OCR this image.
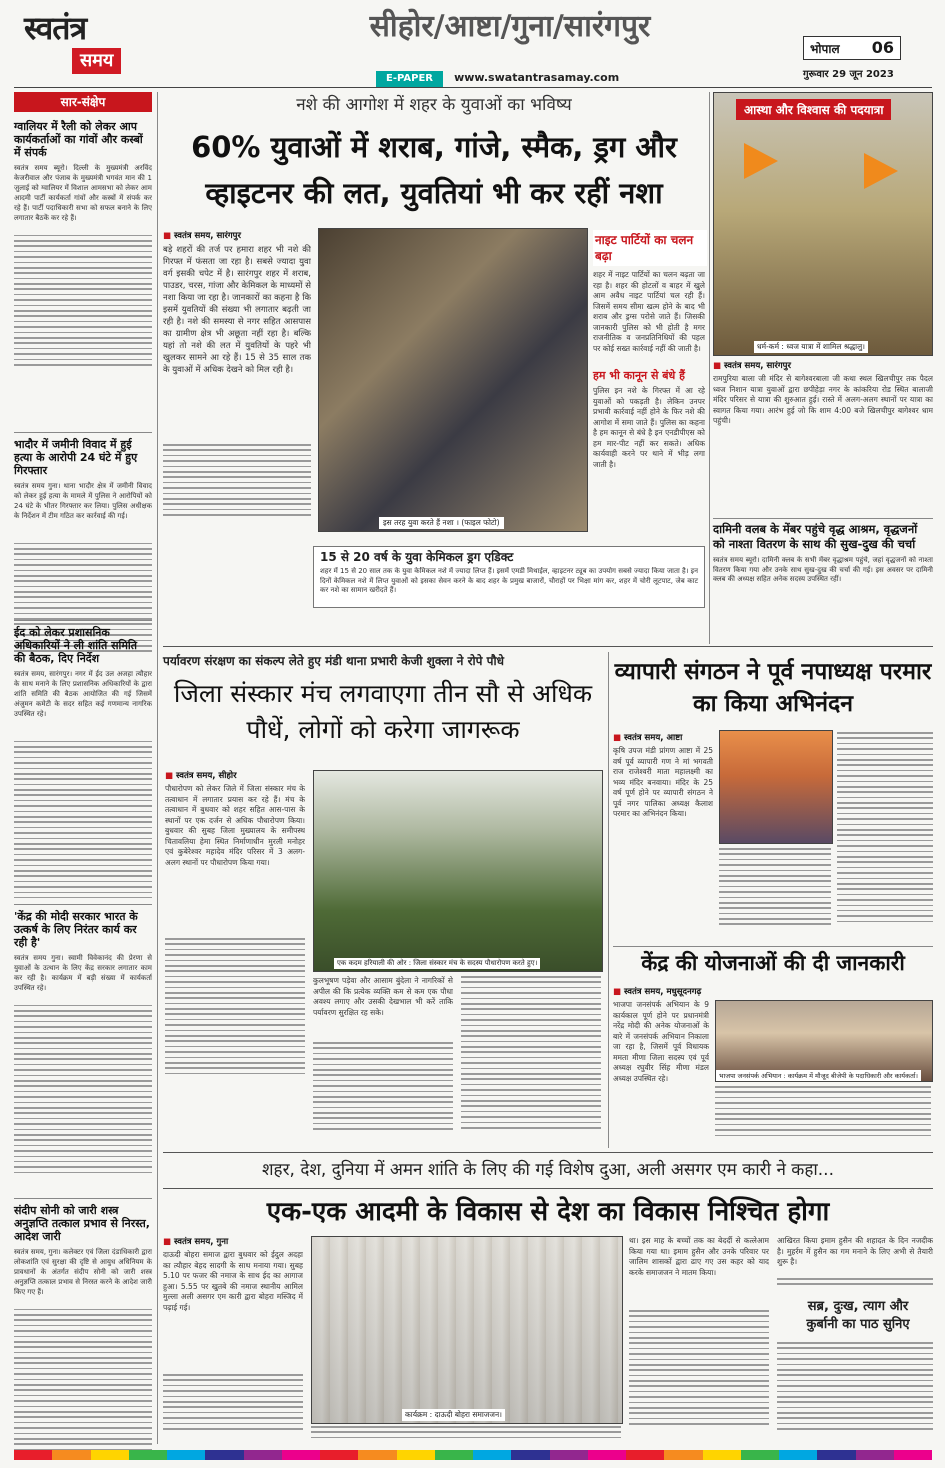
स्वतंत्र
समय
सीहोर/आष्टा/गुना/सारंगपुर
E-PAPER www.swatantrasamay.com
भोपाल 06
गुरूवार 29 जून 2023
सार-संक्षेप
ग्वालियर में रैली को लेकर आप कार्यकर्ताओं का गांवों और कस्बों में संपर्क
स्वतंत्र समय ब्यूरो। दिल्ली के मुख्यमंत्री अरविंद केजरीवाल और पंजाब के मुख्यमंत्री भगवंत मान की 1 जुलाई को ग्वालियर में विशाल आमसभा को लेकर आम आदमी पार्टी कार्यकर्ता गांवों और कस्बों में संपर्क कर रहे हैं। पार्टी पदाधिकारी सभा को सफल बनाने के लिए लगातार बैठकें कर रहे हैं।
भादौर में जमीनी विवाद में हुई हत्या के आरोपी 24 घंटे में हुए गिरफ्तार
स्वतंत्र समय गुना। थाना भादौर क्षेत्र में जमीनी विवाद को लेकर हुई हत्या के मामले में पुलिस ने आरोपियों को 24 घंटे के भीतर गिरफ्तार कर लिया। पुलिस अधीक्षक के निर्देशन में टीम गठित कर कार्रवाई की गई।
ईद को लेकर प्रशासनिक अधिकारियों ने ली शांति समिति की बैठक, दिए निर्देश
स्वतंत्र समय, सारंगपुर। नगर में ईद उल अजहा त्यौहार के साथ मनाने के लिए प्रशासनिक अधिकारियों के द्वारा शांति समिति की बैठक आयोजित की गई जिसमें अंजुमन कमेटी के सदर सहित कई गणमान्य नागरिक उपस्थित रहे।
'केंद्र की मोदी सरकार भारत के उत्कर्ष के लिए निरंतर कार्य कर रही है'
स्वतंत्र समय गुना। स्वामी विवेकानंद की प्रेरणा से युवाओं के उत्थान के लिए केंद्र सरकार लगातार काम कर रही है। कार्यक्रम में बड़ी संख्या में कार्यकर्ता उपस्थित रहे।
संदीप सोनी को जारी शस्त्र अनुज्ञप्ति तत्काल प्रभाव से निरस्त, आदेश जारी
स्वतंत्र समय, गुना। कलेक्टर एवं जिला दंडाधिकारी द्वारा लोकशांति एवं सुरक्षा की दृष्टि से आयुध अधिनियम के प्रावधानों के अंतर्गत संदीप सोनी को जारी शस्त्र अनुज्ञप्ति तत्काल प्रभाव से निरस्त करने के आदेश जारी किए गए हैं।
नशे की आगोश में शहर के युवाओं का भविष्य
60% युवाओं में शराब, गांजे, स्मैक, ड्रग और व्हाइटनर की लत, युवतियां भी कर रहीं नशा
■ स्वतंत्र समय, सारंगपुर
बड़े शहरों की तर्ज पर हमारा शहर भी नशे की गिरफ्त में फंसता जा रहा है। सबसे ज्यादा युवा वर्ग इसकी चपेट में है। सारंगपुर शहर में शराब, पाउडर, चरस, गांजा और केमिकल के माध्यमों से नशा किया जा रहा है। जानकारों का कहना है कि इसमें युवतियों की संख्या भी लगातार बढ़ती जा रही है। नशे की समस्या से नगर सहित आसपास का ग्रामीण क्षेत्र भी अछूता नहीं रहा है। बल्कि यहां तो नशे की लत में युवतियों के पहरे भी खुलकर सामने आ रहे हैं। 15 से 35 साल तक के युवाओं में अधिक देखने को मिल रही है।
इस तरह युवा करते हैं नशा । (फाइल फोटो)
नाइट पार्टियों का चलन बढ़ा
शहर में नाइट पार्टियों का चलन बढ़ता जा रहा है। शहर की होटलों व बाहर में खुले आम अवैध नाइट पार्टियां चल रही हैं। जिसमें समय सीमा खत्म होने के बाद भी शराब और ड्रग्स परोसे जाते हैं। जिसकी जानकारी पुलिस को भी होती है मगर राजनीतिक व जनप्रतिनिधियों की पहल पर कोई सख्त कार्रवाई नहीं की जाती है।
हम भी कानून से बंधे हैं
पुलिस इन नशे के गिरफ्त में आ रहे युवाओं को पकड़ती है। लेकिन उनपर प्रभावी कार्रवाई नहीं होने के फिर नशे की आगोश में समा जाते हैं। पुलिस का कहना है हम कानून से बंधे है इन एनडीपीएस को हम मार-पीट नहीं कर सकते। अधिक कार्यवाही करने पर थाने में भीड़ लगा जाती है।
15 से 20 वर्ष के युवा केमिकल ड्रग एडिक्ट
शहर में 15 से 20 साल तक के युवा केमिकल नशे में ज्यादा लिप्त हैं। इसमें एमडी मिथाईल, व्हाइटनर ट्यूब का उपयोग सबसे ज्यादा किया जाता है। इन दिनों केमिकल नशे में लिप्त युवाओं को इसका सेवन करने के बाद शहर के प्रमुख बाजारों, चौराहों पर भिक्षा मांग कर, शहर में चोरी लूटपाट, जेब काट कर नशे का सामान खरीदते हैं।
आस्था और विश्वास की पदयात्रा
धर्म-कर्म : ध्वज यात्रा में शामिल श्रद्धालु।
■ स्वतंत्र समय, सारंगपुर
रामपुरिया बाला जी मंदिर से बागेश्वरबाला जी कथा स्थल खिलचीपुर तक पैदल ध्वज निशान यात्रा युवाओं द्वारा छपीहेड़ा नगर के कांकरिया रोड स्थित बालाजी मंदिर परिसर से यात्रा की शुरुआत हुई। रास्ते में अलग-अलग स्थानों पर यात्रा का स्वागत किया गया। आरंभ हुई जो कि शाम 4:00 बजे खिलचीपुर बागेश्वर धाम पहुंची।
दामिनी वलब के मेंबर पहुंचे वृद्ध आश्रम, वृद्धजनों को नाश्ता वितरण के साथ की सुख-दुख की चर्चा
स्वतंत्र समय ब्यूरो। दामिनी क्लब के सभी मेंबर वृद्धाश्रम पहुंचे, जहां वृद्धजनों को नाश्ता वितरण किया गया और उनके साथ सुख-दुख की चर्चा की गई। इस अवसर पर दामिनी क्लब की अध्यक्ष सहित अनेक सदस्य उपस्थित रहीं।
पर्यावरण संरक्षण का संकल्प लेते हुए मंडी थाना प्रभारी केजी शुक्ला ने रोपे पौधे
जिला संस्कार मंच लगवाएगा तीन सौ से अधिक पौधें, लोगों को करेगा जागरूक
■ स्वतंत्र समय, सीहोर
पौधारोपण को लेकर जिले में जिला संस्कार मंच के तत्वाधान में लगातार प्रयास कर रहे हैं। मंच के तत्वाधान में बुधवार को शहर सहित आस-पास के स्थानों पर एक दर्जन से अधिक पौधारोपण किया। बुधवार की सुबह जिला मुख्यालय के समीपस्थ चितावलिया हेमा स्थित निर्माणाधीन मुरली मनोहर एवं कुबेरेश्वर महादेव मंदिर परिसर में 3 अलग-अलग स्थानों पर पौधारोपण किया गया।
एक कदम हरियाली की ओर : जिला संस्कार मंच के सदस्य पौधारोपण करते हुए।
कुलभूषण पड़ेवा और आसाम बुंदेला ने नागरिकों से अपील की कि प्रत्येक व्यक्ति कम से कम एक पौधा अवश्य लगाए और उसकी देखभाल भी करें ताकि पर्यावरण सुरक्षित रह सके।
व्यापारी संगठन ने पूर्व नपाध्यक्ष परमार का किया अभिनंदन
■ स्वतंत्र समय, आष्टा
कृषि उपज मंडी प्रांगण आष्टा में 25 वर्ष पूर्व व्यापारी गण ने मां भगवती राज राजेश्वरी माता महालक्ष्मी का भव्य मंदिर बनवाया। मंदिर के 25 वर्ष पूर्ण होने पर व्यापारी संगठन ने पूर्व नगर पालिका अध्यक्ष कैलाश परमार का अभिनंदन किया।
केंद्र की योजनाओं की दी जानकारी
■ स्वतंत्र समय, मधुसूदनगढ़
भाजपा जनसंपर्क अभियान के 9 कार्यकाल पूर्ण होने पर प्रधानमंत्री नरेंद्र मोदी की अनेक योजनाओं के बारे में जनसंपर्क अभियान निकाला जा रहा है, जिसमें पूर्व विधायक ममता मीणा जिला सदस्य एवं पूर्व अध्यक्ष रघुवीर सिंह मीणा मंडल अध्यक्ष उपस्थित रहे।	भाजपा जनसंपर्क अभियान : कार्यक्रम में मौजूद बीजेपी के पदाधिकारी और कार्यकर्ता।
शहर, देश, दुनिया में अमन शांति के लिए की गई विशेष दुआ, अली असगर एम कारी ने कहा...
एक-एक आदमी के विकास से देश का विकास निश्चित होगा
■ स्वतंत्र समय, गुना
दाऊदी बोहरा समाज द्वारा बुधवार को ईदुल अदहा का त्यौहार बेहद सादगी के साथ मनाया गया। सुबह 5.10 पर फजर की नमाज के साथ ईद का आगाज हुआ। 5.55 पर खुतबे की नमाज स्थानीय आमिल मुल्ला अली असगर एम कारी द्वारा बोहरा मस्जिद में पढ़ाई गई।
कार्यक्रम : दाऊदी बोहरा समाजजन।
था। इस माह के बच्चों तक का बेदर्दी से कत्लेआम किया गया था। इमाम हुसैन और उनके परिवार पर जालिम शासकों द्वारा ढाए गए उस कहर को याद करके समाजजन ने मातम किया।
आखिरत किया इमाम हुसैन की शहादत के दिन नजदीक है। मुहर्रम में हुसैन का गम मनाने के लिए अभी से तैयारी शुरू है।
सब्र, दुःख, त्याग और कुर्बानी का पाठ सुनिए
